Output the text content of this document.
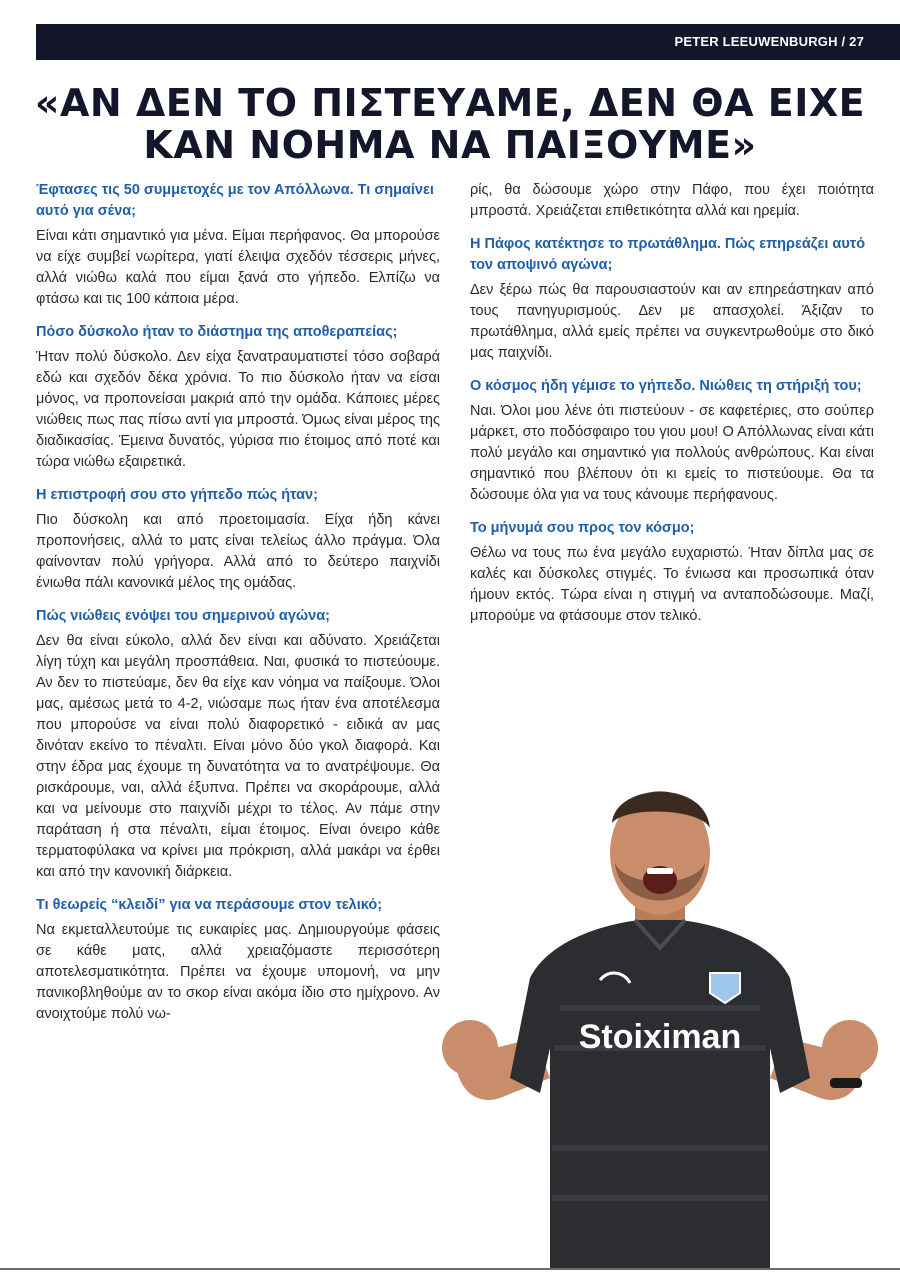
PETER LEEUWENBURGH / 27
«ΑΝ ΔΕΝ ΤΟ ΠΙΣΤΕΥΑΜΕ, ΔΕΝ ΘΑ ΕΙΧΕ
ΚΑΝ ΝΟΗΜΑ ΝΑ ΠΑΙΞΟΥΜΕ»

Έφτασες τις 50 συμμετοχές με τον Απόλλωνα. Τι σημαίνει αυτό για σένα;

Είναι κάτι σημαντικό για μένα. Είμαι περήφανος. Θα μπορούσε να είχε συμβεί νωρίτερα, γιατί έλειψα σχεδόν τέσσερις μήνες, αλλά νιώθω καλά που είμαι ξανά στο γήπεδο. Ελπίζω να φτάσω και τις 100 κάποια μέρα.

Πόσο δύσκολο ήταν το διάστημα της αποθεραπείας;

Ήταν πολύ δύσκολο. Δεν είχα ξανατραυματιστεί τόσο σοβαρά εδώ και σχεδόν δέκα χρόνια. Το πιο δύσκολο ήταν να είσαι μόνος, να προπονείσαι μακριά από την ομάδα. Κάποιες μέρες νιώθεις πως πας πίσω αντί για μπροστά. Όμως είναι μέρος της διαδικασίας. Έμεινα δυνατός, γύρισα πιο έτοιμος από ποτέ και τώρα νιώθω εξαιρετικά.

Η επιστροφή σου στο γήπεδο πώς ήταν;

Πιο δύσκολη και από προετοιμασία. Είχα ήδη κάνει προπονήσεις, αλλά το ματς είναι τελείως άλλο πράγμα. Όλα φαίνονταν πολύ γρήγορα. Αλλά από το δεύτερο παιχνίδι ένιωθα πάλι κανονικά μέλος της ομάδας.

Πώς νιώθεις ενόψει του σημερινού αγώνα;

Δεν θα είναι εύκολο, αλλά δεν είναι και αδύνατο. Χρειάζεται λίγη τύχη και μεγάλη προσπάθεια. Ναι, φυσικά το πιστεύουμε. Αν δεν το πιστεύαμε, δεν θα είχε καν νόημα να παίξουμε. Όλοι μας, αμέσως μετά το 4-2, νιώσαμε πως ήταν ένα αποτέλεσμα που μπορούσε να είναι πολύ διαφορετικό - ειδικά αν μας δινόταν εκείνο το πέναλτι. Είναι μόνο δύο γκολ διαφορά. Και στην έδρα μας έχουμε τη δυνατότητα να το ανατρέψουμε. Θα ρισκάρουμε, ναι, αλλά έξυπνα. Πρέπει να σκοράρουμε, αλλά και να μείνουμε στο παιχνίδι μέχρι το τέλος. Αν πάμε στην παράταση ή στα πέναλτι, είμαι έτοιμος. Είναι όνειρο κάθε τερματοφύλακα να κρίνει μια πρόκριση, αλλά μακάρι να έρθει και από την κανονική διάρκεια.

Τι θεωρείς “κλειδί” για να περάσουμε στον τελικό;

Να εκμεταλλευτούμε τις ευκαιρίες μας. Δημιουργούμε φάσεις σε κάθε ματς, αλλά χρειαζόμαστε περισσότερη αποτελεσματικότητα. Πρέπει να έχουμε υπομονή, να μην πανικοβληθούμε αν το σκορ είναι ακόμα ίδιο στο ημίχρονο. Αν ανοιχτούμε πολύ νω-

ρίς, θα δώσουμε χώρο στην Πάφο, που έχει ποιότητα μπροστά. Χρειάζεται επιθετικότητα αλλά και ηρεμία.

Η Πάφος κατέκτησε το πρωτάθλημα. Πώς επηρεάζει αυτό τον αποψινό αγώνα;

Δεν ξέρω πώς θα παρουσιαστούν και αν επηρεάστηκαν από τους πανηγυρισμούς. Δεν με απασχολεί. Άξιζαν το πρωτάθλημα, αλλά εμείς πρέπει να συγκεντρωθούμε στο δικό μας παιχνίδι.

Ο κόσμος ήδη γέμισε το γήπεδο. Νιώθεις τη στήριξή του;

Ναι. Όλοι μου λένε ότι πιστεύουν - σε καφετέριες, στο σούπερ μάρκετ, στο ποδόσφαιρο του γιου μου! Ο Απόλλωνας είναι κάτι πολύ μεγάλο και σημαντικό για πολλούς ανθρώπους. Και είναι σημαντικό που βλέπουν ότι κι εμείς το πιστεύουμε. Θα τα δώσουμε όλα για να τους κάνουμε περήφανους.

Το μήνυμά σου προς τον κόσμο;

Θέλω να τους πω ένα μεγάλο ευχαριστώ. Ήταν δίπλα μας σε καλές και δύσκολες στιγμές. Το ένιωσα και προσωπικά όταν ήμουν εκτός. Τώρα είναι η στιγμή να ανταποδώσουμε. Μαζί, μπορούμε να φτάσουμε στον τελικό.

Stoiximan
